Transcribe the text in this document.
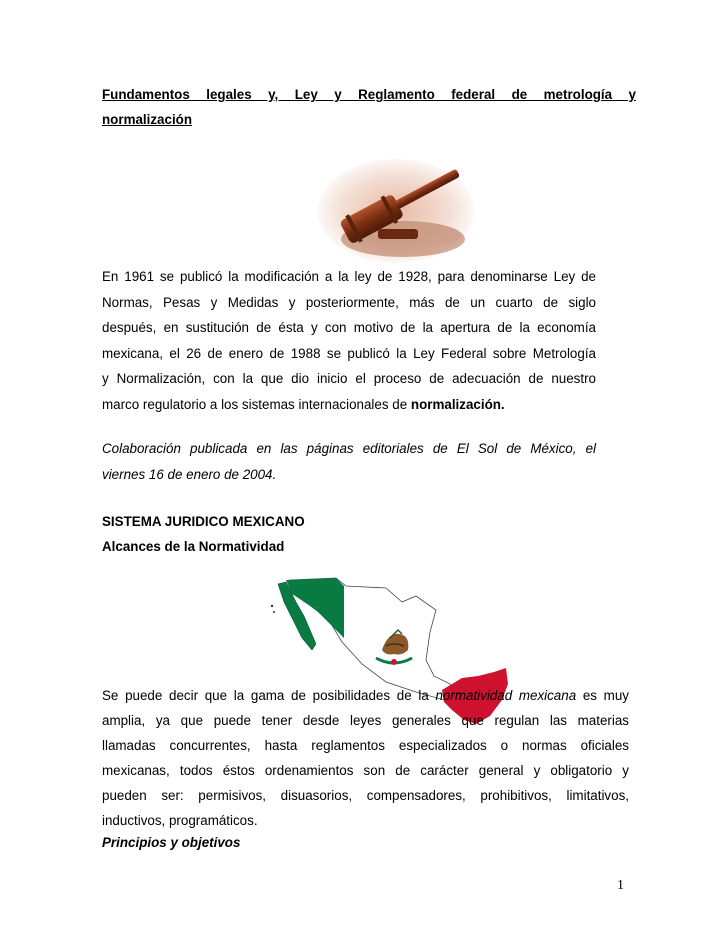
Fundamentos legales y, Ley y Reglamento federal de metrología y
normalización
En 1961 se publicó la modificación a la ley de 1928, para denominarse Ley de
Normas, Pesas y Medidas y posteriormente, más de un cuarto de siglo
después, en sustitución de ésta y con motivo de la apertura de la economía
mexicana, el 26 de enero de 1988 se publicó la Ley Federal sobre Metrología
y Normalización, con la que dio inicio el proceso de adecuación de nuestro
marco regulatorio a los sistemas internacionales de normalización.
Colaboración publicada en las páginas editoriales de El Sol de México, el
viernes 16 de enero de 2004.
SISTEMA JURIDICO MEXICANO
Alcances de la Normatividad
Se puede decir que la gama de posibilidades de la normatividad mexicana es muy
amplia, ya que puede tener desde leyes generales que regulan las materias
llamadas concurrentes, hasta reglamentos especializados o normas oficiales
mexicanas, todos éstos ordenamientos son de carácter general y obligatorio y
pueden ser: permisivos, disuasorios, compensadores, prohibitivos, limitativos,
inductivos, programáticos.
Principios y objetivos
1
